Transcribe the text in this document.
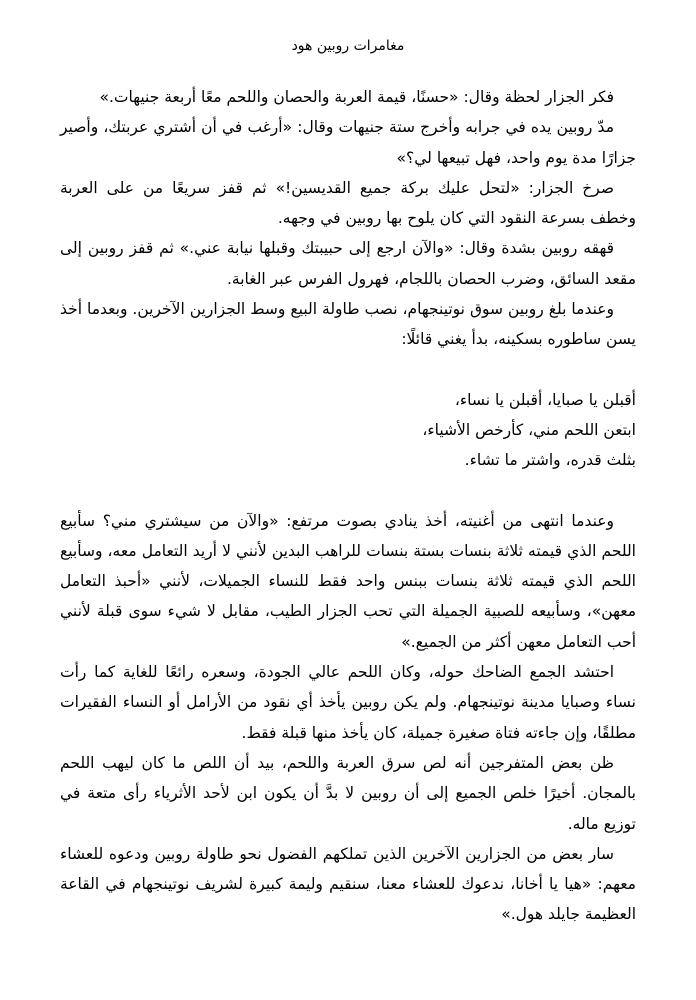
مغامرات روبين هود

فكر الجزار لحظة وقال: «حسنًا، قيمة العربة والحصان واللحم معًا أربعة جنيهات.»

مدّ روبين يده في جرابه وأخرج ستة جنيهات وقال: «أرغب في أن أشتري عربتك، وأصير جزارًا مدة يوم واحد، فهل تبيعها لي؟»

صرخ الجزار: «لتحل عليك بركة جميع القديسين!» ثم قفز سريعًا من على العربة وخطف بسرعة النقود التي كان يلوح بها روبين في وجهه.

قهقه روبين بشدة وقال: «والآن ارجع إلى حبيبتك وقبلها نيابة عني.» ثم قفز روبين إلى مقعد السائق، وضرب الحصان باللجام، فهرول الفرس عبر الغابة.

وعندما بلغ روبين سوق نوتينجهام، نصب طاولة البيع وسط الجزارين الآخرين. وبعدما أخذ يسن ساطوره بسكينه، بدأ يغني قائلًا:

أقبلن يا صبايا، أقبلن يا نساء،
ابتعن اللحم مني، كأرخص الأشياء،
بثلث قدره، واشتر ما تشاء.

وعندما انتهى من أغنيته، أخذ ينادي بصوت مرتفع: «والآن من سيشتري مني؟ سأبيع اللحم الذي قيمته ثلاثة بنسات بستة بنسات للراهب البدين لأنني لا أريد التعامل معه، وسأبيع اللحم الذي قيمته ثلاثة بنسات ببنس واحد فقط للنساء الجميلات، لأنني «أحبذ التعامل معهن»، وسأبيعه للصبية الجميلة التي تحب الجزار الطيب، مقابل لا شيء سوى قبلة لأنني أحب التعامل معهن أكثر من الجميع.»

احتشد الجمع الضاحك حوله، وكان اللحم عالي الجودة، وسعره رائعًا للغاية كما رأت نساء وصبايا مدينة نوتينجهام. ولم يكن روبين يأخذ أي نقود من الأرامل أو النساء الفقيرات مطلقًا، وإن جاءته فتاة صغيرة جميلة، كان يأخذ منها قبلة فقط.

ظن بعض المتفرجين أنه لص سرق العربة واللحم، بيد أن اللص ما كان ليهب اللحم بالمجان. أخيرًا خلص الجميع إلى أن روبين لا بدَّ أن يكون ابن لأحد الأثرياء رأى متعة في توزيع ماله.

سار بعض من الجزارين الآخرين الذين تملكهم الفضول نحو طاولة روبين ودعوه للعشاء معهم: «هيا يا أخانا، ندعوك للعشاء معنا، سنقيم وليمة كبيرة لشريف نوتينجهام في القاعة العظيمة جايلد هول.»
